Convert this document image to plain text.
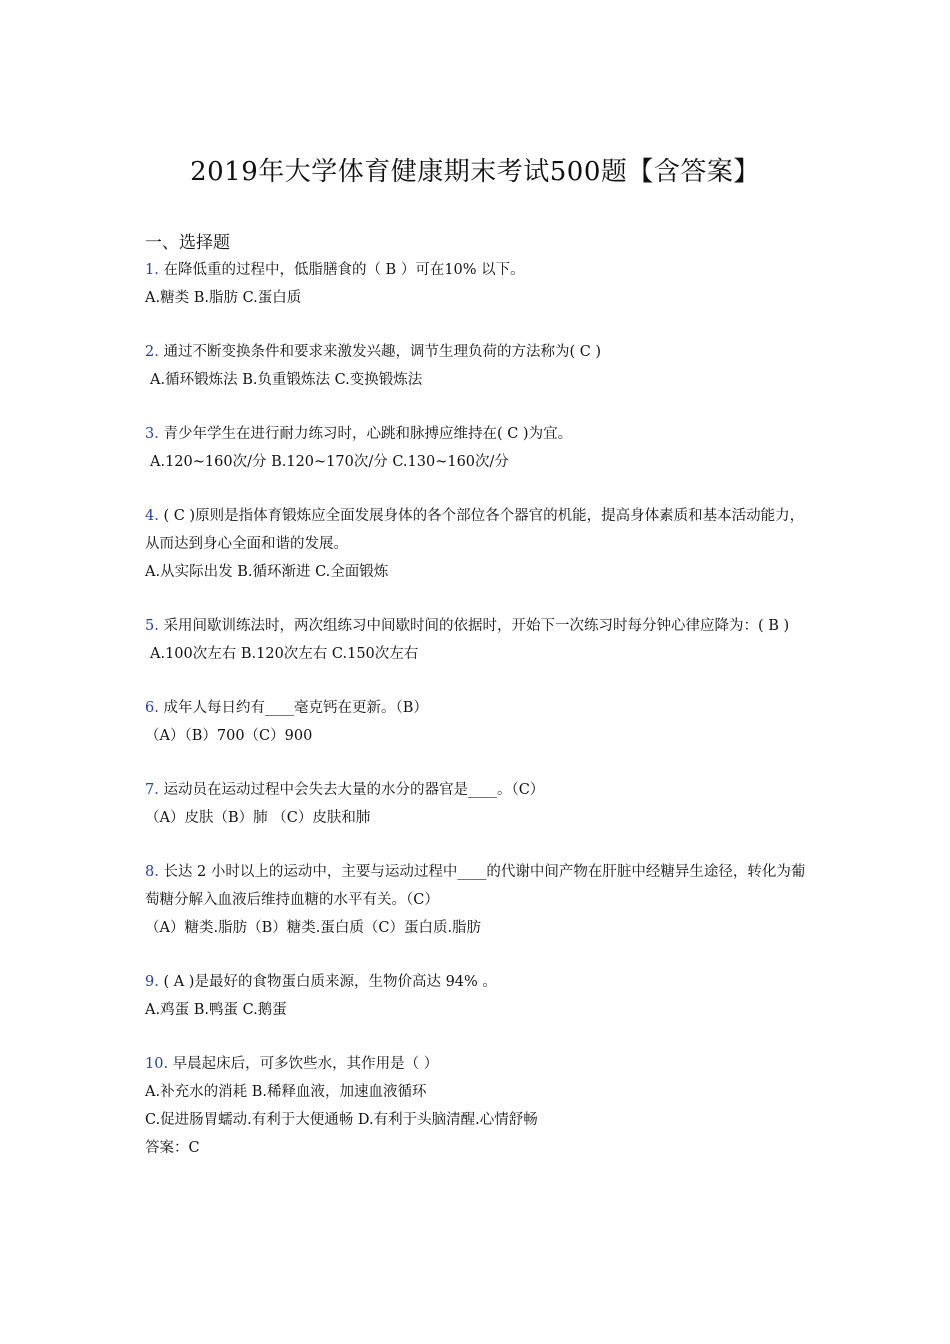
2019年大学体育健康期末考试500题【含答案】
一、选择题

1. 在降低重的过程中，低脂膳食的（ B ）可在10% 以下。

A.糖类 B.脂肪 C.蛋白质

2. 通过不断变换条件和要求来激发兴趣，调节生理负荷的方法称为( C )

A.循环锻炼法 B.负重锻炼法 C.变换锻炼法

3. 青少年学生在进行耐力练习时，心跳和脉搏应维持在( C )为宜。

A.120~160次/分 B.120~170次/分 C.130~160次/分

4. ( C )原则是指体育锻炼应全面发展身体的各个部位各个器官的机能，提高身体素质和基本活动能力，从而达到身心全面和谐的发展。

A.从实际出发 B.循环渐进 C.全面锻炼

5. 采用间歇训练法时，两次组练习中间歇时间的依据时，开始下一次练习时每分钟心律应降为：( B )

A.100次左右 B.120次左右 C.150次左右

6. 成年人每日约有____毫克钙在更新。（B）

（A）（B）700（C）900

7. 运动员在运动过程中会失去大量的水分的器官是____。（C）

（A）皮肤（B）肺 （C）皮肤和肺

8. 长达 2 小时以上的运动中，主要与运动过程中____的代谢中间产物在肝脏中经糖异生途径，转化为葡萄糖分解入血液后维持血糖的水平有关。（C）

（A）糖类.脂肪（B）糖类.蛋白质（C）蛋白质.脂肪

9. ( A )是最好的食物蛋白质来源，生物价高达 94% 。

A.鸡蛋 B.鸭蛋 C.鹅蛋

10. 早晨起床后，可多饮些水，其作用是（ ）

A.补充水的消耗 B.稀释血液，加速血液循环

C.促进肠胃蠕动.有利于大便通畅 D.有利于头脑清醒.心情舒畅

答案：C
